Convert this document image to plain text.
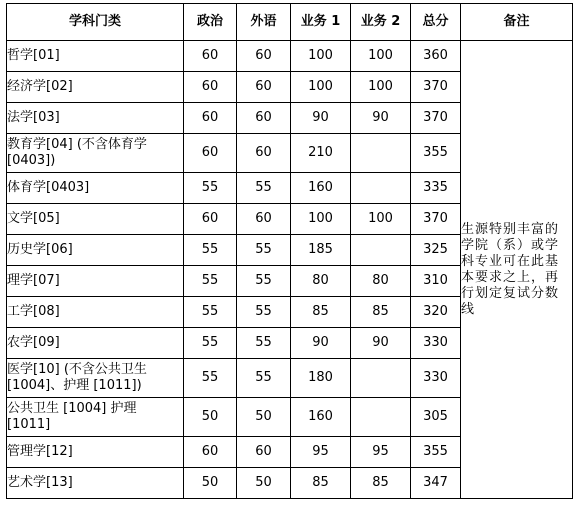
学科门类	政治	外语	业务 1	业务 2	总分	备注
哲学[01]	60	60	100	100	360	生源特别丰富的学院（系）或学科专业可在此基本要求之上，再行划定复试分数线
经济学[02]	60	60	100	100	370	
法学[03]	60	60	90	90	370	
教育学[04] (不含体育学[0403])	60	60	210		355	
体育学[0403]	55	55	160		335	
文学[05]	60	60	100	100	370	
历史学[06]	55	55	185		325	
理学[07]	55	55	80	80	310	
工学[08]	55	55	85	85	320	
农学[09]	55	55	90	90	330	
医学[10] (不含公共卫生[1004]、护理 [1011])	55	55	180		330	
公共卫生 [1004] 护理 [1011]	50	50	160		305	
管理学[12]	60	60	95	95	355	
艺术学[13]	50	50	85	85	347	
